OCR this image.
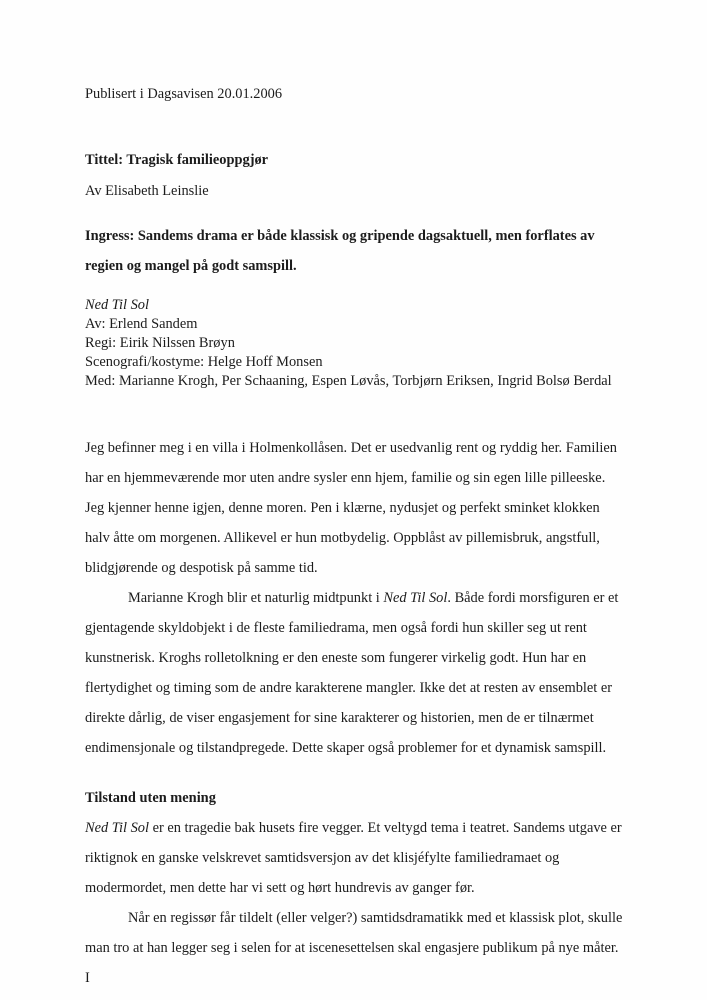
Publisert i Dagsavisen 20.01.2006

Tittel: Tragisk familieoppgjør

Av Elisabeth Leinslie

Ingress: Sandems drama er både klassisk og gripende dagsaktuell, men forflates av regien og mangel på godt samspill.

Ned Til Sol

Av: Erlend Sandem

Regi: Eirik Nilssen Brøyn

Scenografi/kostyme: Helge Hoff Monsen

Med: Marianne Krogh, Per Schaaning, Espen Løvås, Torbjørn Eriksen, Ingrid Bolsø Berdal

Jeg befinner meg i en villa i Holmenkollåsen. Det er usedvanlig rent og ryddig her. Familien har en hjemmeværende mor uten andre sysler enn hjem, familie og sin egen lille pilleeske. Jeg kjenner henne igjen, denne moren. Pen i klærne, nydusjet og perfekt sminket klokken halv åtte om morgenen. Allikevel er hun motbydelig. Oppblåst av pillemisbruk, angstfull, blidgjørende og despotisk på samme tid.

Marianne Krogh blir et naturlig midtpunkt i Ned Til Sol. Både fordi morsfiguren er et gjentagende skyldobjekt i de fleste familiedrama, men også fordi hun skiller seg ut rent kunstnerisk. Kroghs rolletolkning er den eneste som fungerer virkelig godt. Hun har en flertydighet og timing som de andre karakterene mangler. Ikke det at resten av ensemblet er direkte dårlig, de viser engasjement for sine karakterer og historien, men de er tilnærmet endimensjonale og tilstandpregede. Dette skaper også problemer for et dynamisk samspill.

Tilstand uten mening

Ned Til Sol er en tragedie bak husets fire vegger. Et veltygd tema i teatret. Sandems utgave er riktignok en ganske velskrevet samtidsversjon av det klisjéfylte familiedramaet og modermordet, men dette har vi sett og hørt hundrevis av ganger før.

Når en regissør får tildelt (eller velger?) samtidsdramatikk med et klassisk plot, skulle man tro at han legger seg i selen for at iscenesettelsen skal engasjere publikum på nye måter. I
